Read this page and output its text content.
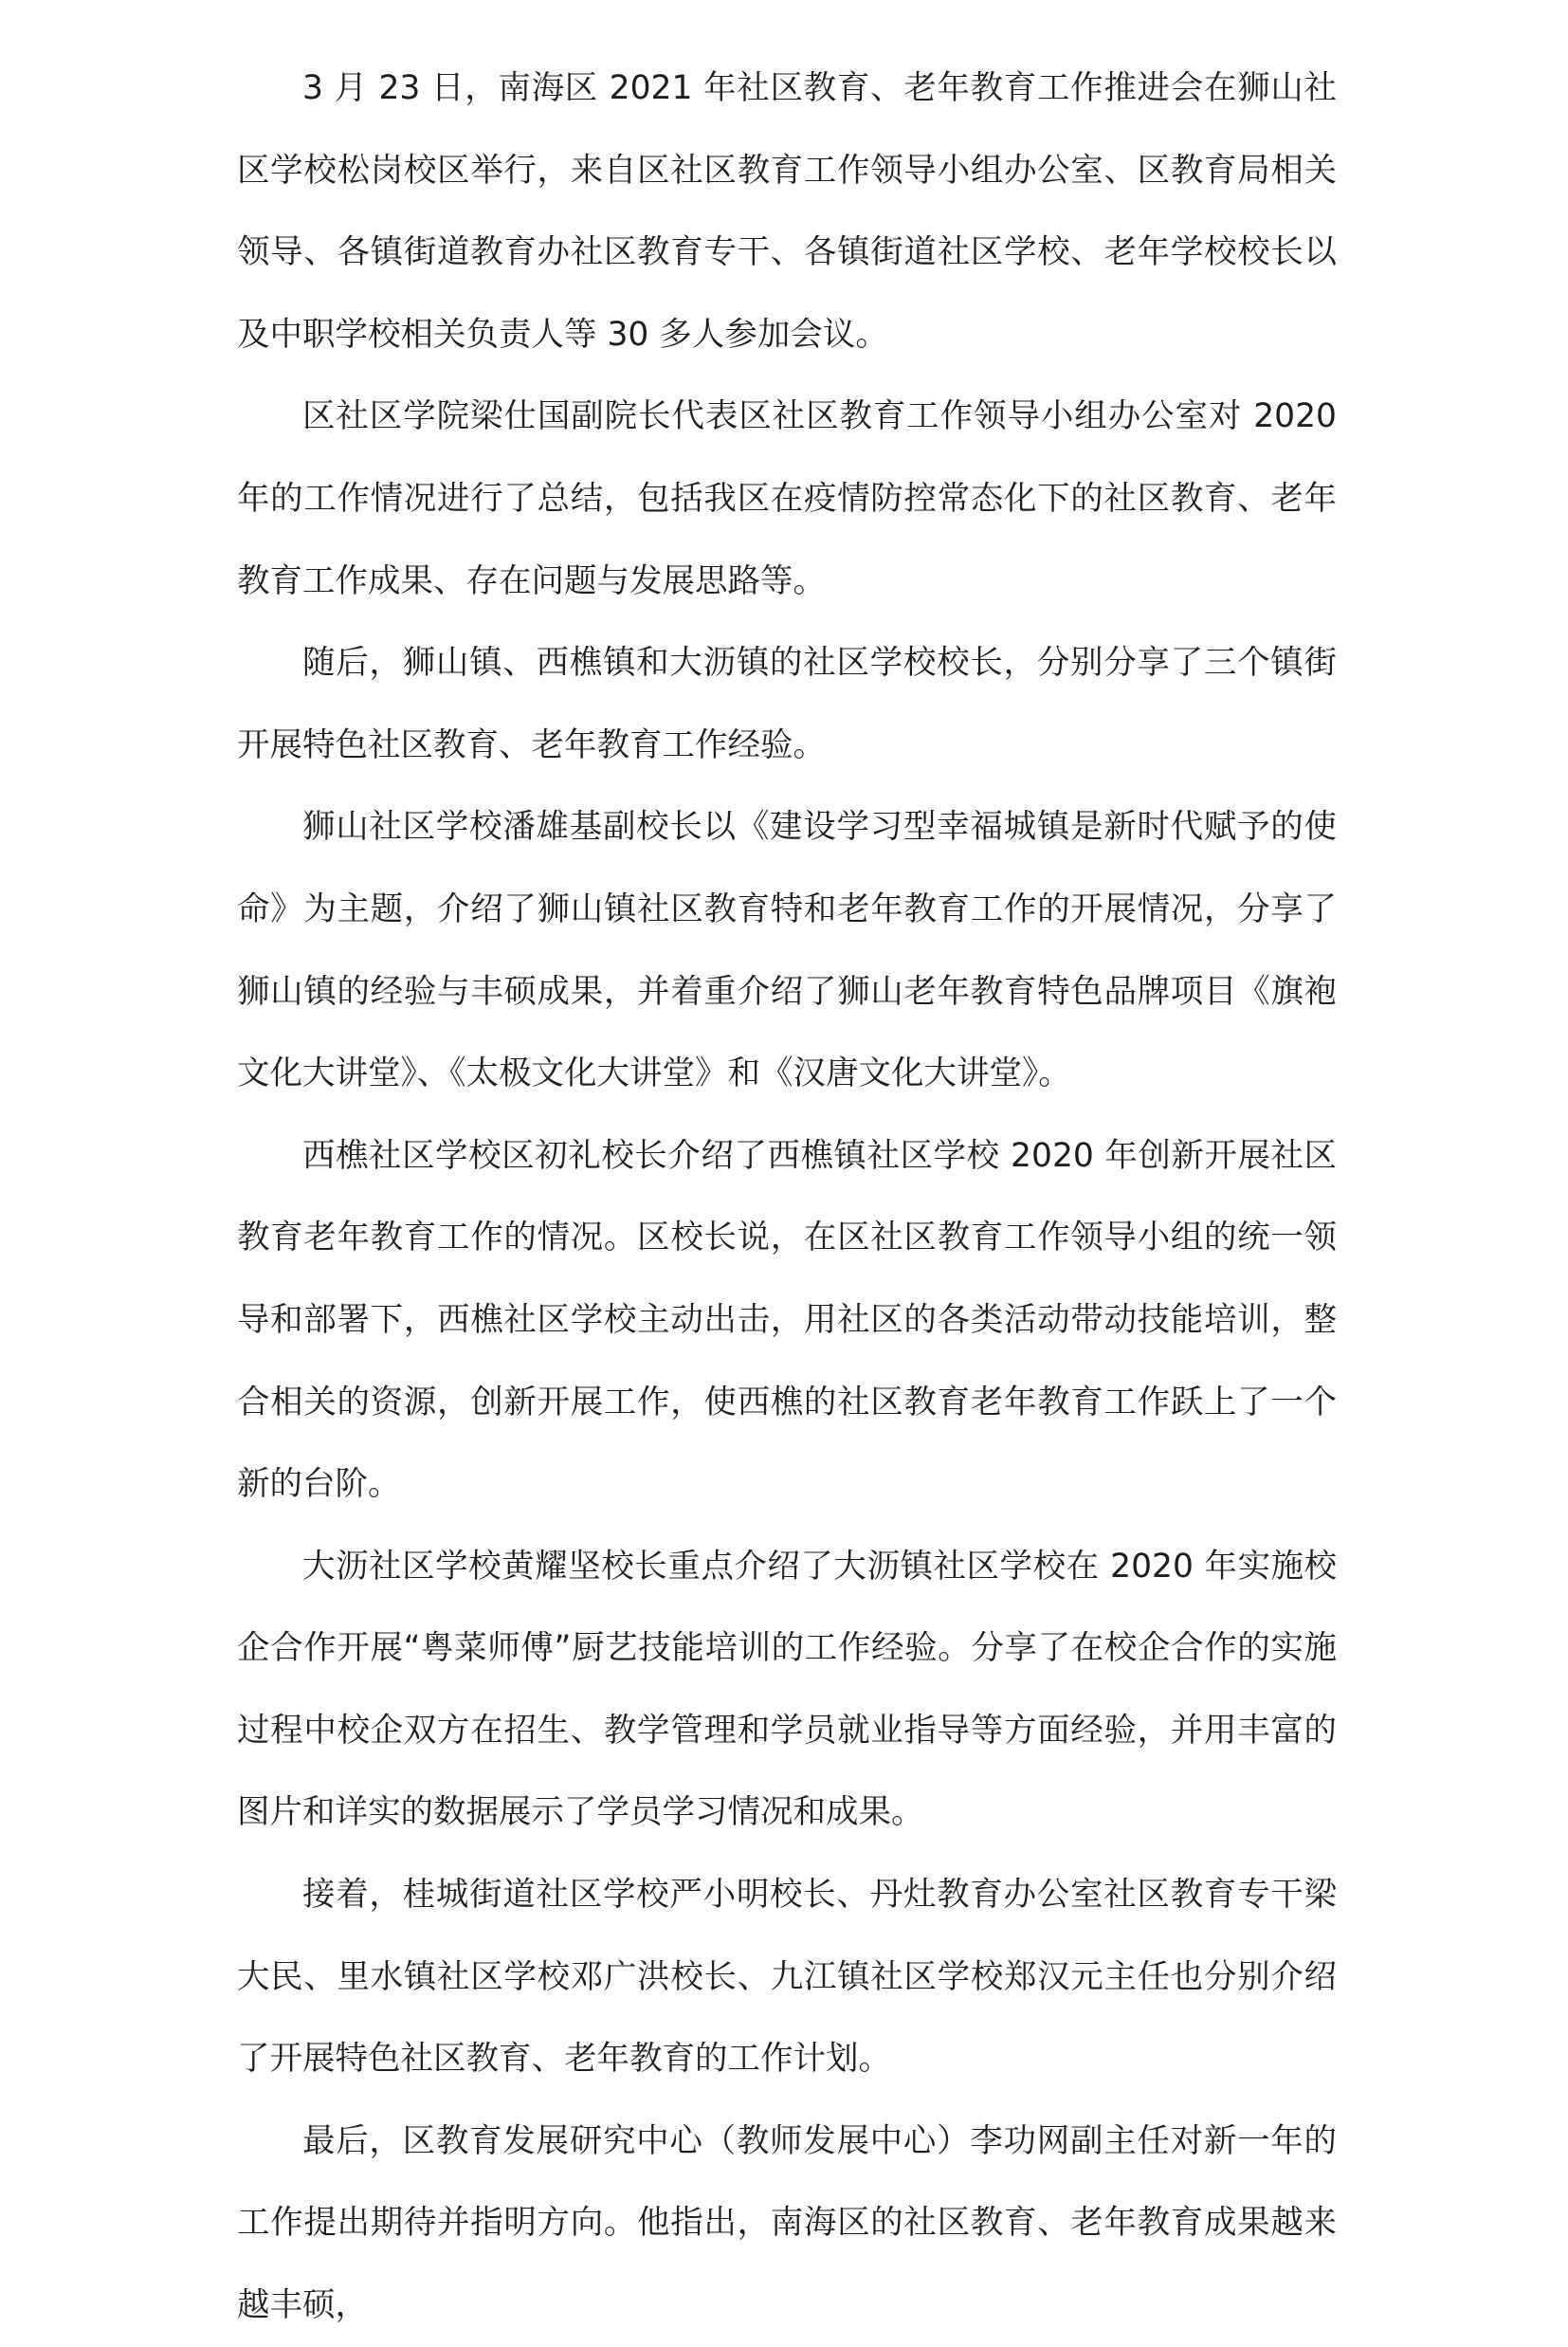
3 月 23 日，南海区 2021 年社区教育、老年教育工作推进会在狮山社区学校松岗校区举行，来自区社区教育工作领导小组办公室、区教育局相关领导、各镇街道教育办社区教育专干、各镇街道社区学校、老年学校校长以及中职学校相关负责人等 30 多人参加会议。

区社区学院梁仕国副院长代表区社区教育工作领导小组办公室对 2020 年的工作情况进行了总结，包括我区在疫情防控常态化下的社区教育、老年教育工作成果、存在问题与发展思路等。

随后，狮山镇、西樵镇和大沥镇的社区学校校长，分别分享了三个镇街开展特色社区教育、老年教育工作经验。

狮山社区学校潘雄基副校长以《建设学习型幸福城镇是新时代赋予的使命》为主题，介绍了狮山镇社区教育特和老年教育工作的开展情况，分享了狮山镇的经验与丰硕成果，并着重介绍了狮山老年教育特色品牌项目《旗袍文化大讲堂》、《太极文化大讲堂》和《汉唐文化大讲堂》。

西樵社区学校区初礼校长介绍了西樵镇社区学校 2020 年创新开展社区教育老年教育工作的情况。区校长说，在区社区教育工作领导小组的统一领导和部署下，西樵社区学校主动出击，用社区的各类活动带动技能培训，整合相关的资源，创新开展工作，使西樵的社区教育老年教育工作跃上了一个新的台阶。

大沥社区学校黄耀坚校长重点介绍了大沥镇社区学校在 2020 年实施校企合作开展“粤菜师傅”厨艺技能培训的工作经验。分享了在校企合作的实施过程中校企双方在招生、教学管理和学员就业指导等方面经验，并用丰富的图片和详实的数据展示了学员学习情况和成果。

接着，桂城街道社区学校严小明校长、丹灶教育办公室社区教育专干梁大民、里水镇社区学校邓广洪校长、九江镇社区学校郑汉元主任也分别介绍了开展特色社区教育、老年教育的工作计划。

最后，区教育发展研究中心（教师发展中心）李功网副主任对新一年的工作提出期待并指明方向。他指出，南海区的社区教育、老年教育成果越来越丰硕，
